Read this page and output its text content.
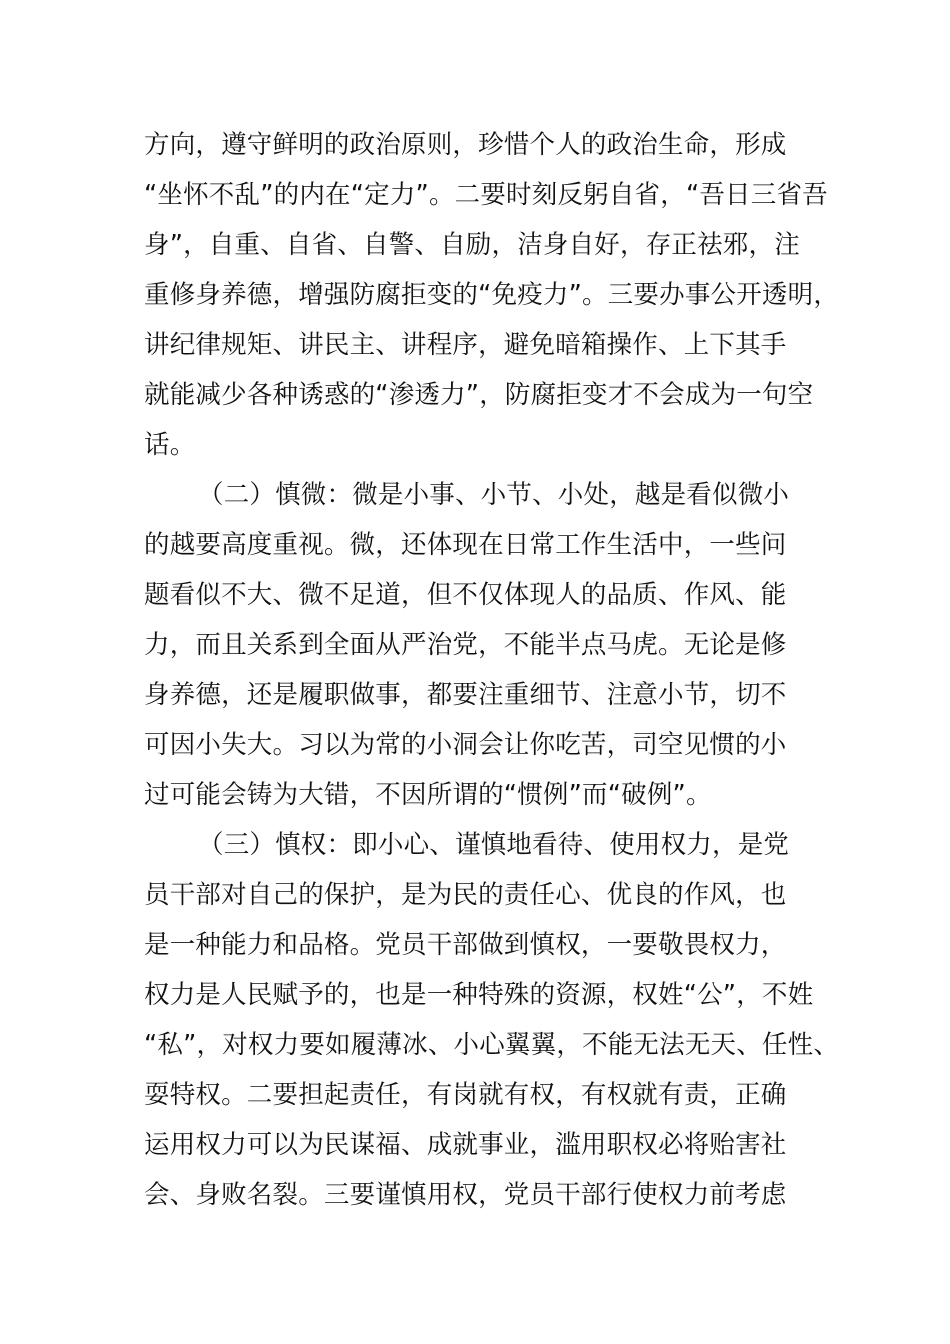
方向，遵守鲜明的政治原则，珍惜个人的政治生命，形成
“坐怀不乱”的内在“定力”。二要时刻反躬自省，“吾日三省吾
身”，自重、自省、自警、自励，洁身自好，存正祛邪，注
重修身养德，增强防腐拒变的“免疫力”。三要办事公开透明，
讲纪律规矩、讲民主、讲程序，避免暗箱操作、上下其手
就能减少各种诱惑的“渗透力”，防腐拒变才不会成为一句空
话。
（二）慎微：微是小事、小节、小处，越是看似微小
的越要高度重视。微，还体现在日常工作生活中，一些问
题看似不大、微不足道，但不仅体现人的品质、作风、能
力，而且关系到全面从严治党，不能半点马虎。无论是修
身养德，还是履职做事，都要注重细节、注意小节，切不
可因小失大。习以为常的小洞会让你吃苦，司空见惯的小
过可能会铸为大错，不因所谓的“惯例”而“破例”。
（三）慎权：即小心、谨慎地看待、使用权力，是党
员干部对自己的保护，是为民的责任心、优良的作风，也
是一种能力和品格。党员干部做到慎权，一要敬畏权力，
权力是人民赋予的，也是一种特殊的资源，权姓“公”，不姓
“私”，对权力要如履薄冰、小心翼翼，不能无法无天、任性、
耍特权。二要担起责任，有岗就有权，有权就有责，正确
运用权力可以为民谋福、成就事业，滥用职权必将贻害社
会、身败名裂。三要谨慎用权，党员干部行使权力前考虑
